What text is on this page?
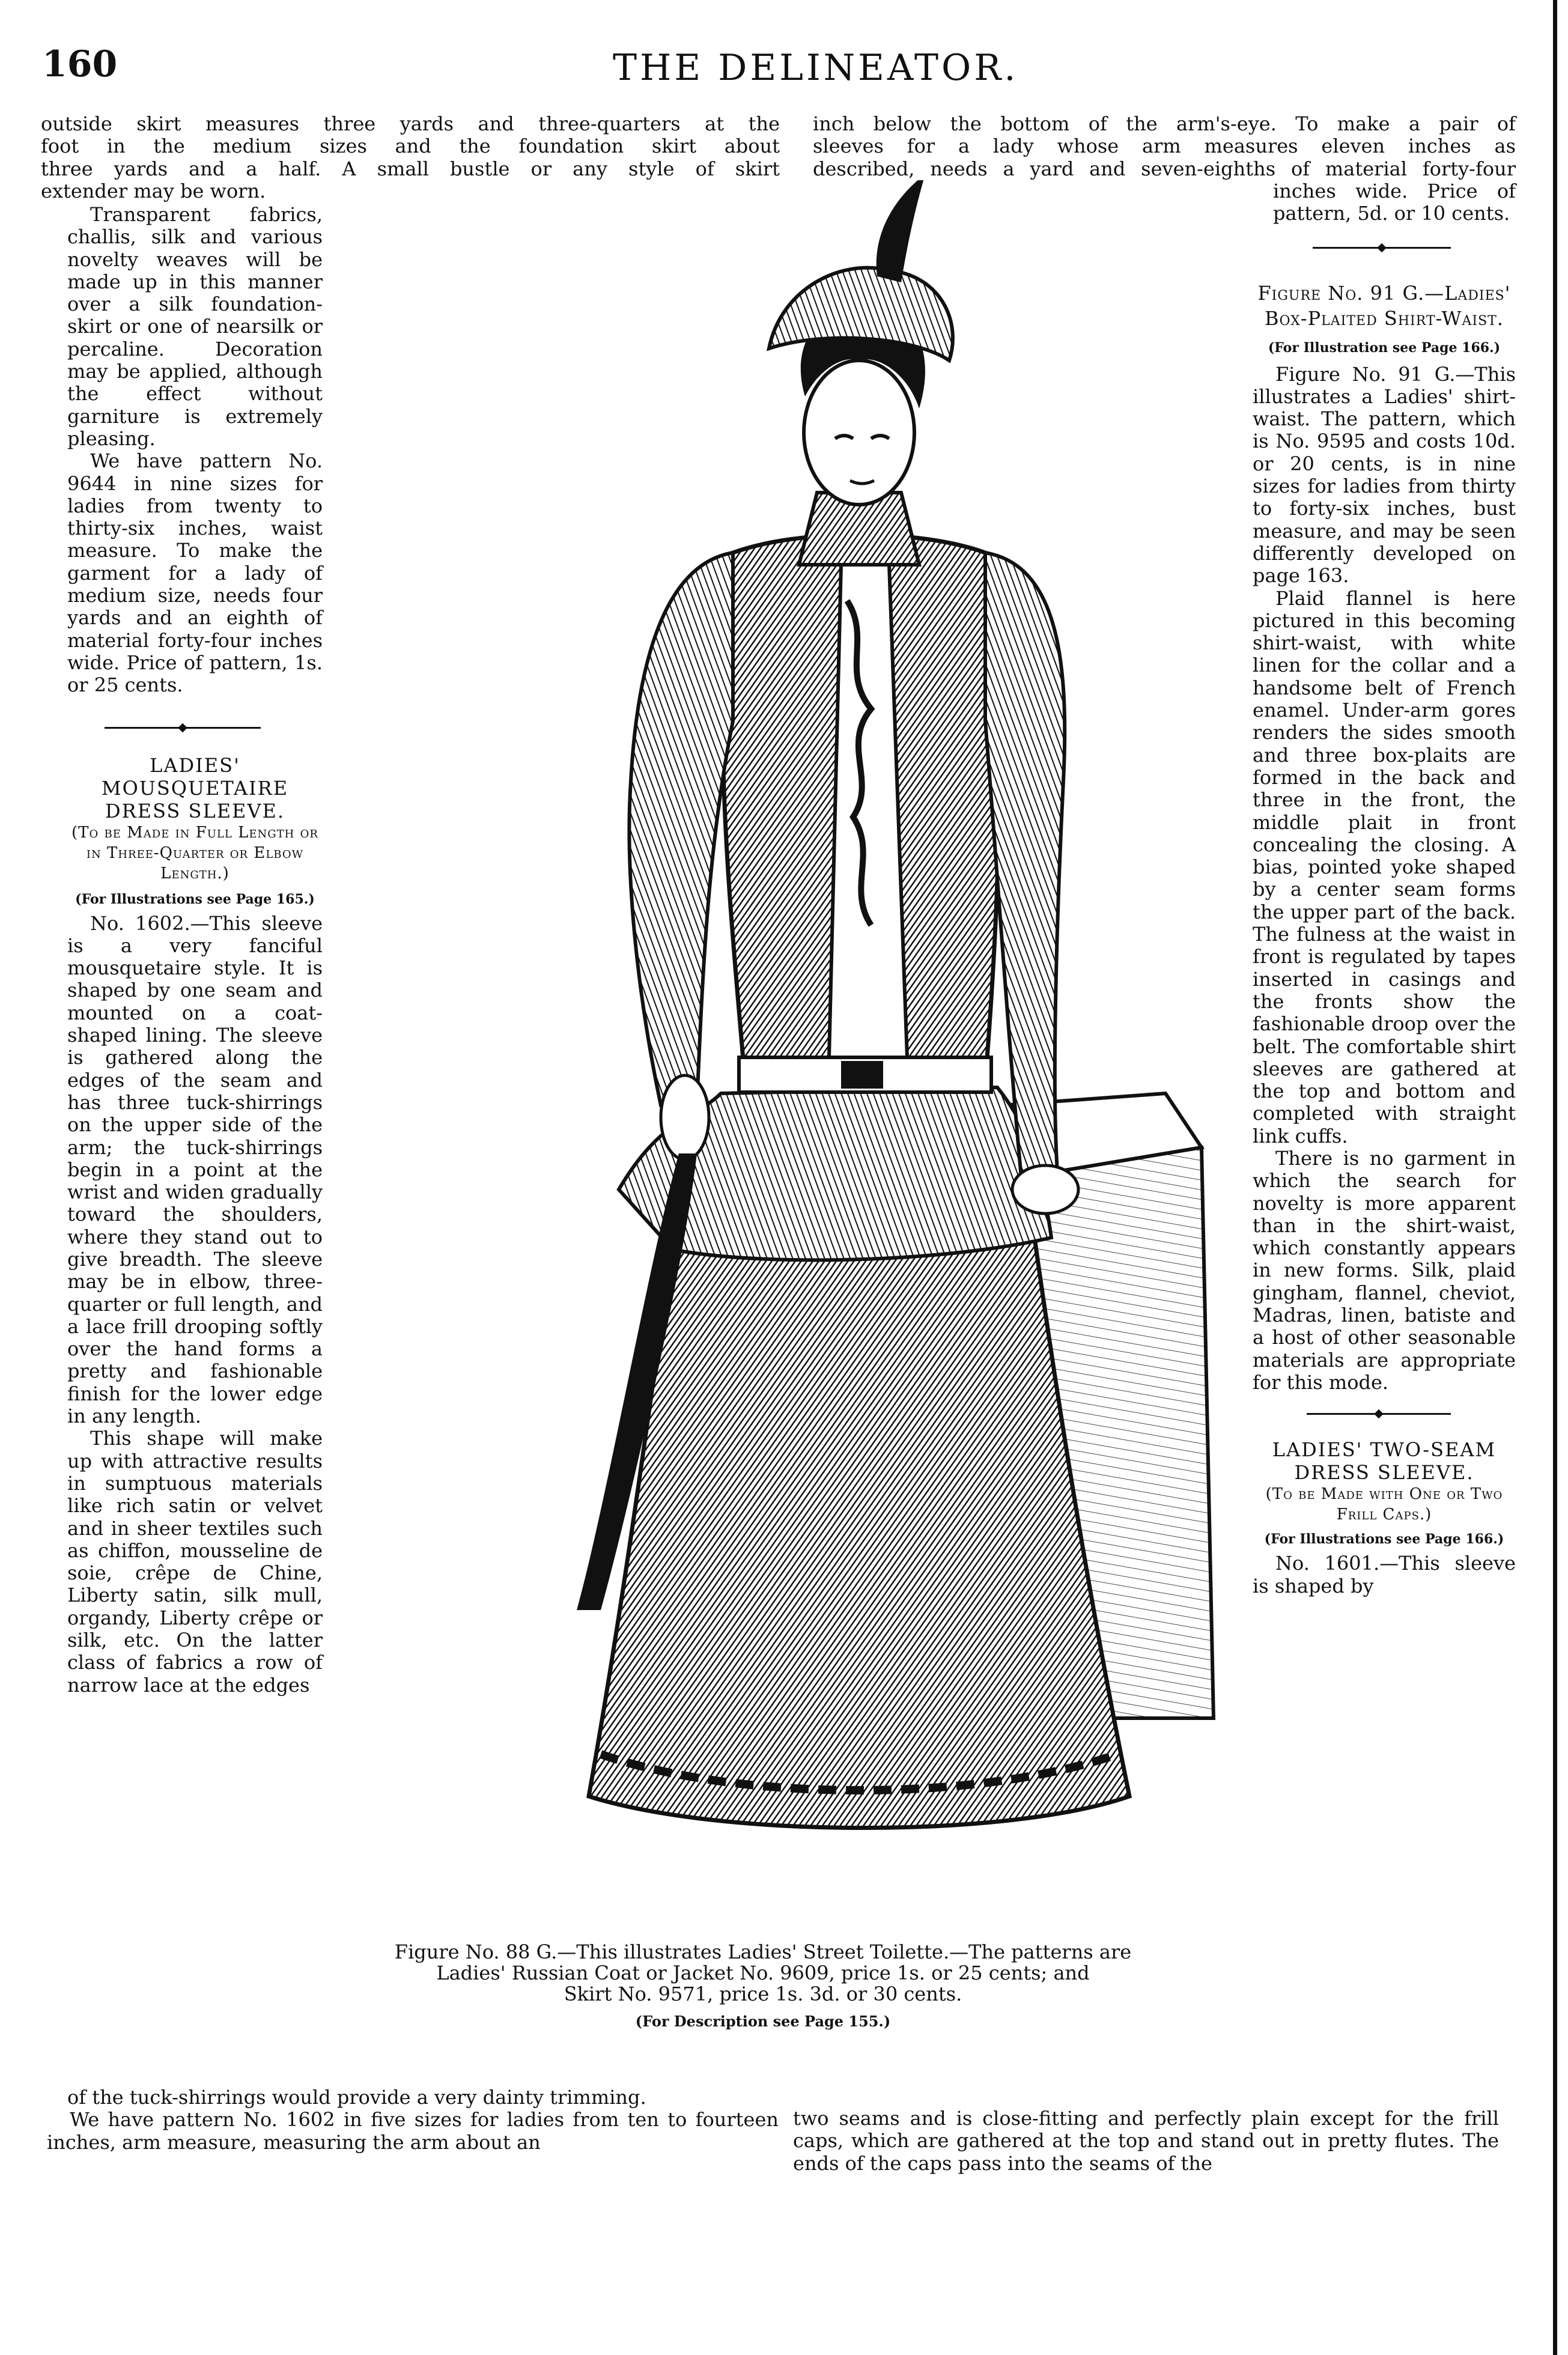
160	THE DELINEATOR.
outside skirt measures three yards and three-quarters at the
foot in the medium sizes and the foundation skirt about
three yards and a half. A small bustle or any style of skirt
extender may be worn.

Transparent fabrics, challis, silk and various novelty weaves will be made up in this manner over a silk foundation-skirt or one of nearsilk or percaline. Decoration may be applied, although the effect without garniture is extremely pleasing.

We have pattern No. 9644 in nine sizes for ladies from twenty to thirty-six inches, waist measure. To make the garment for a lady of medium size, needs four yards and an eighth of material forty-four inches wide. Price of pattern, 1s. or 25 cents.

LADIES' MOUSQUETAIRE DRESS SLEEVE.
(To be Made in Full Length or in Three-Quarter or Elbow Length.)
(For Illustrations see Page 165.)

No. 1602.—This sleeve is a very fanciful mousquetaire style. It is shaped by one seam and mounted on a coat-shaped lining. The sleeve is gathered along the edges of the seam and has three tuck-shirrings on the upper side of the arm; the tuck-shirrings begin in a point at the wrist and widen gradually toward the shoulders, where they stand out to give breadth. The sleeve may be in elbow, three-quarter or full length, and a lace frill drooping softly over the hand forms a pretty and fashionable finish for the lower edge in any length.

This shape will make up with attractive results in sumptuous materials like rich satin or velvet and in sheer textiles such as chiffon, mousseline de soie, crêpe de Chine, Liberty satin, silk mull, organdy, Liberty crêpe or silk, etc. On the latter class of fabrics a row of narrow lace at the edges

of the tuck-shirrings would provide a very dainty trimming.

We have pattern No. 1602 in five sizes for ladies from ten to fourteen inches, arm measure, measuring the arm about an

inch below the bottom of the arm's-eye. To make a pair of
sleeves for a lady whose arm measures eleven inches as
described, needs a yard and seven-eighths of material forty-four

inches wide. Price of pattern, 5d. or 10 cents.

Figure No. 91 G.—Ladies' Box-Plaited Shirt-Waist.
(For Illustration see Page 166.)

Figure No. 91 G.—This illustrates a Ladies' shirt-waist. The pattern, which is No. 9595 and costs 10d. or 20 cents, is in nine sizes for ladies from thirty to forty-six inches, bust measure, and may be seen differently developed on page 163.

Plaid flannel is here pictured in this becoming shirt-waist, with white linen for the collar and a handsome belt of French enamel. Under-arm gores renders the sides smooth and three box-plaits are formed in the back and three in the front, the middle plait in front concealing the closing. A bias, pointed yoke shaped by a center seam forms the upper part of the back. The fulness at the waist in front is regulated by tapes inserted in casings and the fronts show the fashionable droop over the belt. The comfortable shirt sleeves are gathered at the top and bottom and completed with straight link cuffs.

There is no garment in which the search for novelty is more apparent than in the shirt-waist, which constantly appears in new forms. Silk, plaid gingham, flannel, cheviot, Madras, linen, batiste and a host of other seasonable materials are appropriate for this mode.

LADIES' TWO-SEAM DRESS SLEEVE.
(To be Made with One or Two Frill Caps.)
(For Illustrations see Page 166.)

No. 1601.—This sleeve is shaped by

two seams and is close-fitting and perfectly plain except for the frill caps, which are gathered at the top and stand out in pretty flutes. The ends of the caps pass into the seams of the
Figure No. 88 G.—This illustrates Ladies' Street Toilette.—The patterns are
Ladies' Russian Coat or Jacket No. 9609, price 1s. or 25 cents; and
Skirt No. 9571, price 1s. 3d. or 30 cents.
(For Description see Page 155.)
